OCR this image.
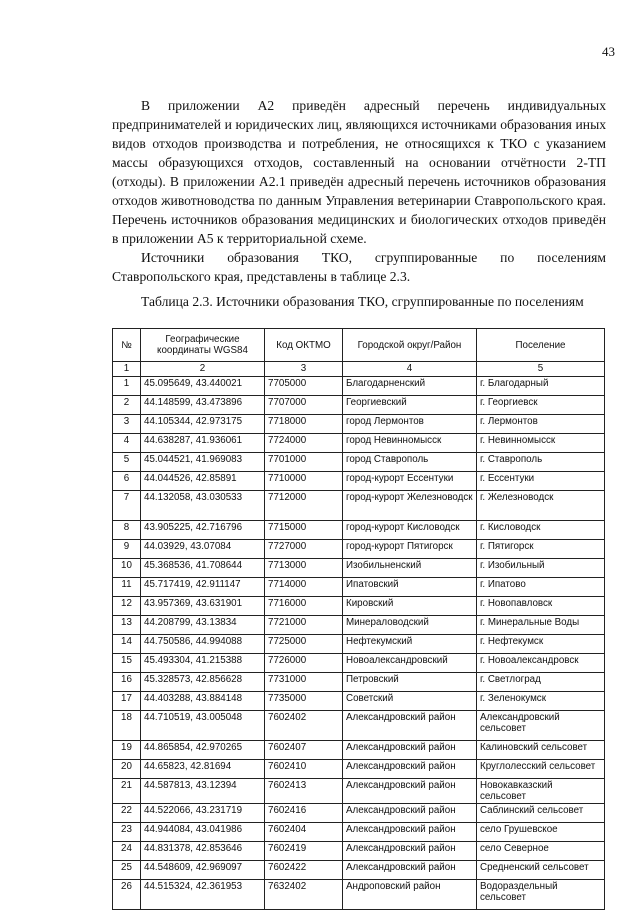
43

В приложении А2 приведён адресный перечень индивидуальных предпринимателей и юридических лиц, являющихся источниками образования иных видов отходов производства и потребления, не относящихся к ТКО с указанием массы образующихся отходов, составленный на основании отчётности 2-ТП (отходы). В приложении А2.1 приведён адресный перечень источников образования отходов животноводства по данным Управления ветеринарии Ставропольского края. Перечень источников образования медицинских и биологических отходов приведён в приложении А5 к территориальной схеме.

Источники образования ТКО, сгруппированные по поселениям Ставропольского края, представлены в таблице 2.3.

Таблица 2.3. Источники образования ТКО, сгруппированные по поселениям

№	Географические координаты WGS84	Код ОКТМО	Городской округ/Район	Поселение
1	2	3	4	5
1	45.095649, 43.440021	7705000	Благодарненский	г. Благодарный
2	44.148599, 43.473896	7707000	Георгиевский	г. Георгиевск
3	44.105344, 42.973175	7718000	город Лермонтов	г. Лермонтов
4	44.638287, 41.936061	7724000	город Невинномысск	г. Невинномысск
5	45.044521, 41.969083	7701000	город Ставрополь	г. Ставрополь
6	44.044526, 42.85891	7710000	город-курорт Ессентуки	г. Ессентуки
7	44.132058, 43.030533	7712000	город-курорт Железноводск	г. Железноводск
8	43.905225, 42.716796	7715000	город-курорт Кисловодск	г. Кисловодск
9	44.03929, 43.07084	7727000	город-курорт Пятигорск	г. Пятигорск
10	45.368536, 41.708644	7713000	Изобильненский	г. Изобильный
11	45.717419, 42.911147	7714000	Ипатовский	г. Ипатово
12	43.957369, 43.631901	7716000	Кировский	г. Новопавловск
13	44.208799, 43.13834	7721000	Минераловодский	г. Минеральные Воды
14	44.750586, 44.994088	7725000	Нефтекумский	г. Нефтекумск
15	45.493304, 41.215388	7726000	Новоалександровский	г. Новоалександровск
16	45.328573, 42.856628	7731000	Петровский	г. Светлоград
17	44.403288, 43.884148	7735000	Советский	г. Зеленокумск
18	44.710519, 43.005048	7602402	Александровский район	Александровский сельсовет
19	44.865854, 42.970265	7602407	Александровский район	Калиновский сельсовет
20	44.65823, 42.81694	7602410	Александровский район	Круглолесский сельсовет
21	44.587813, 43.12394	7602413	Александровский район	Новокавказский сельсовет
22	44.522066, 43.231719	7602416	Александровский район	Саблинский сельсовет
23	44.944084, 43.041986	7602404	Александровский район	село Грушевское
24	44.831378, 42.853646	7602419	Александровский район	село Северное
25	44.548609, 42.969097	7602422	Александровский район	Средненский сельсовет
26	44.515324, 42.361953	7632402	Андроповский район	Водораздельный сельсовет
